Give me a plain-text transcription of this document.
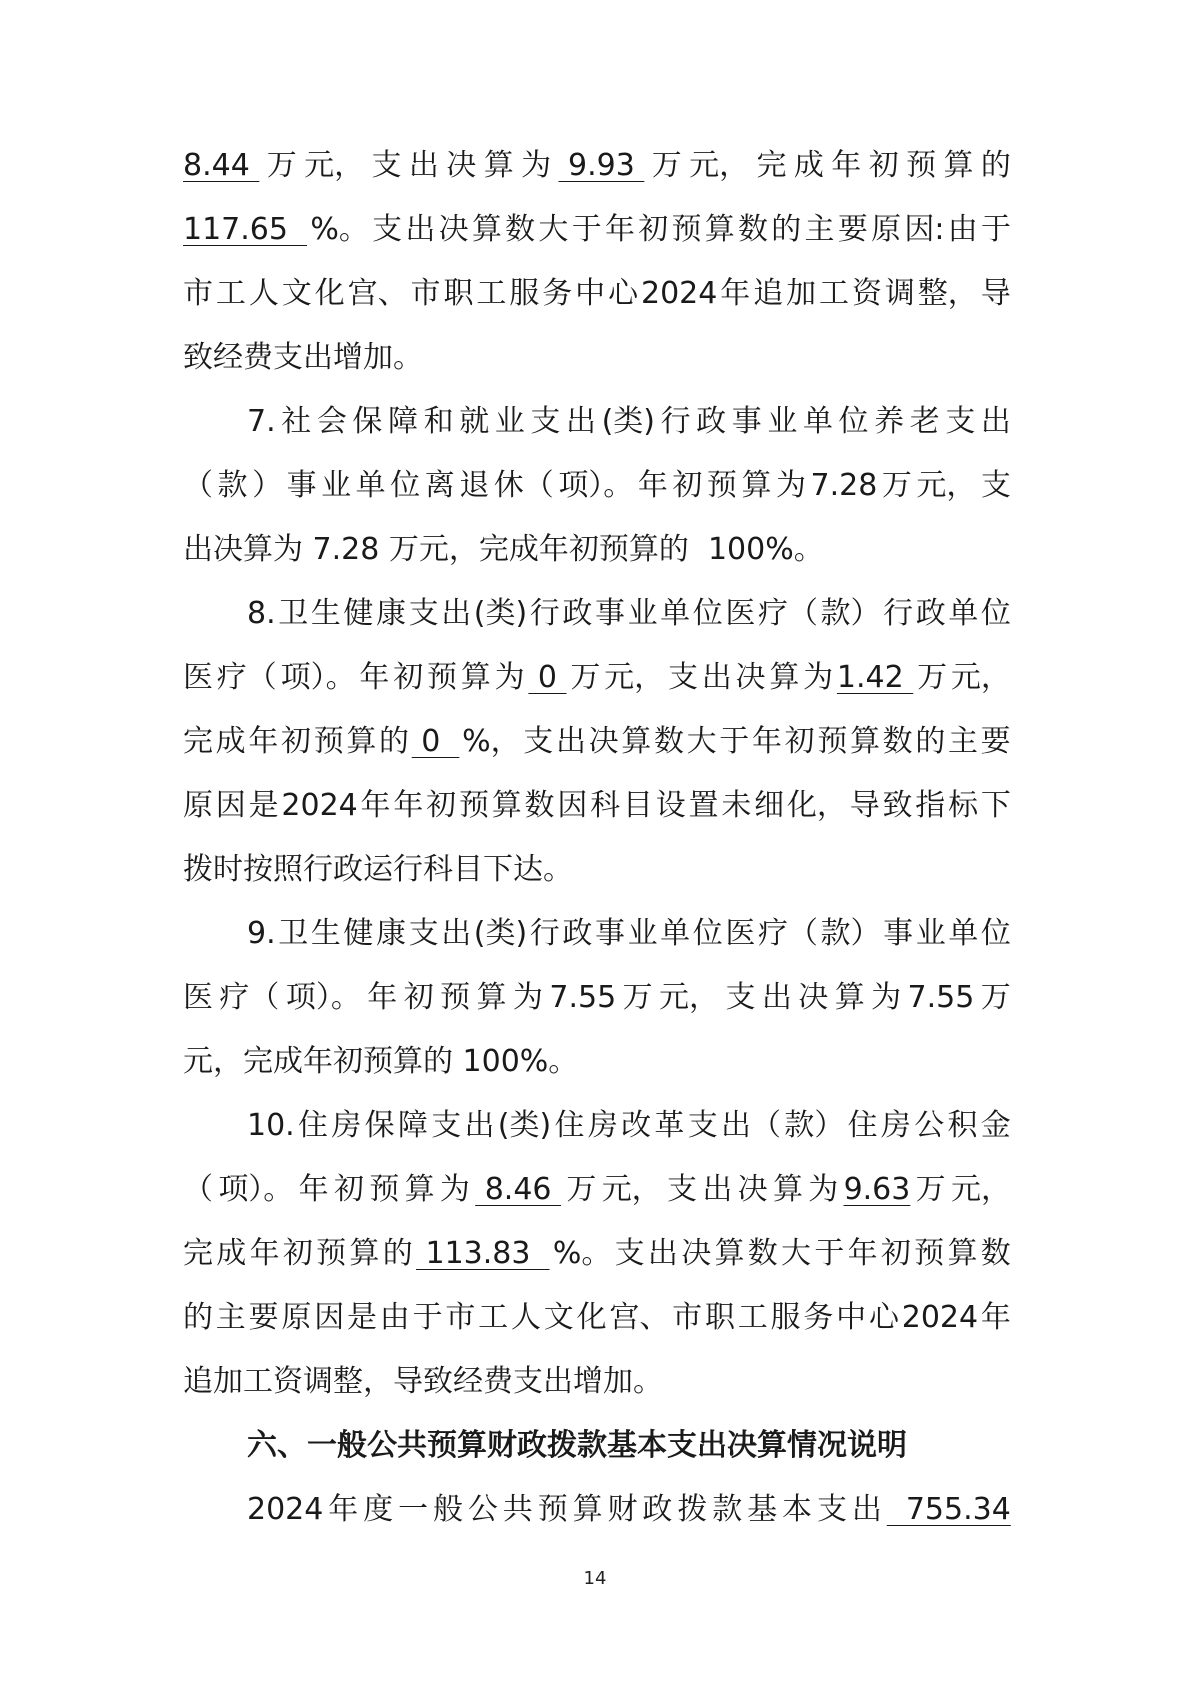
8.44 万 元， 支 出 决 算 为 9.93 万 元， 完 成 年 初 预 算 的
117.65 %。 支 出 决 算 数 大 于 年 初 预 算 数 的 主 要 原 因: 由 于
市 工 人 文 化 宫、 市 职 工 服 务 中 心 2024 年 追 加 工 资 调 整， 导
致经费支出增加。
7. 社 会 保 障 和 就 业 支 出 (类) 行 政 事 业 单 位 养 老 支 出
（ 款 ） 事 业 单 位 离 退 休（ 项）。 年 初 预 算 为 7.28 万 元， 支
出决算为 7.28 万元，完成年初预算的  100%。
8. 卫 生 健 康 支 出 (类) 行 政 事 业 单 位 医 疗（ 款） 行 政 单 位
医 疗（ 项）。 年 初 预 算 为 0 万 元， 支 出 决 算 为 1.42 万 元，
完 成 年 初 预 算 的 0 %， 支 出 决 算 数 大 于 年 初 预 算 数 的 主 要
原 因 是 2024 年 年 初 预 算 数 因 科 目 设 置 未 细 化， 导 致 指 标 下
拨时按照行政运行科目下达。
9. 卫 生 健 康 支 出 (类) 行 政 事 业 单 位 医 疗（ 款） 事 业 单 位
医 疗（ 项）。 年 初 预 算 为 7.55 万 元， 支 出 决 算 为 7.55 万
元，完成年初预算的 100%。
10. 住 房 保 障 支 出 (类) 住 房 改 革 支 出（ 款） 住 房 公 积 金
（ 项）。 年 初 预 算 为 8.46 万 元， 支 出 决 算 为 9.63 万 元，
完 成 年 初 预 算 的 113.83 %。 支 出 决 算 数 大 于 年 初 预 算 数
的 主 要 原 因 是 由 于 市 工 人 文 化 宫、 市 职 工 服 务 中 心 2024 年
追加工资调整，导致经费支出增加。
六、一般公共预算财政拨款基本支出决算情况说明
2024 年 度 一 般 公 共 预 算 财 政 拨 款 基 本 支 出 755.34
14
